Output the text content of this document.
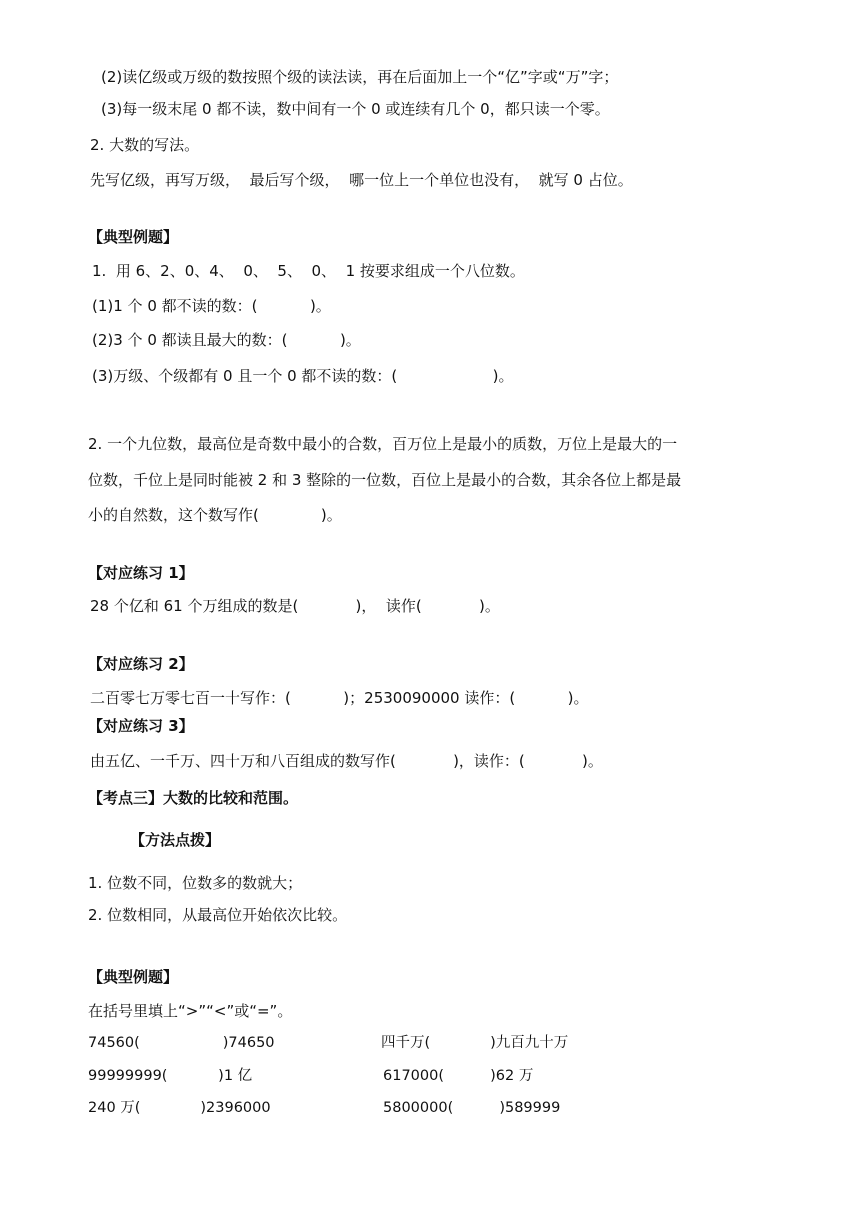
(2)读亿级或万级的数按照个级的读法读，再在后面加上一个“亿”字或“万”字；
(3)每一级末尾 0 都不读，数中间有一个 0 或连续有几个 0，都只读一个零。
2. 大数的写法。
先写亿级，再写万级，  最后写个级，  哪一位上一个单位也没有，  就写 0 占位。
【典型例题】
1.  用 6、2、0、4、  0、  5、  0、  1 按要求组成一个八位数。
(1)1 个 0 都不读的数：(           )。
(2)3 个 0 都读且最大的数：(           )。
(3)万级、个级都有 0 且一个 0 都不读的数：(                    )。
2. 一个九位数，最高位是奇数中最小的合数，百万位上是最小的质数，万位上是最大的一
位数，千位上是同时能被 2 和 3 整除的一位数，百位上是最小的合数，其余各位上都是最
小的自然数，这个数写作(             )。
【对应练习 1】
28 个亿和 61 个万组成的数是(            )，  读作(            )。
【对应练习 2】
二百零七万零七百一十写作：(           )；2530090000 读作：(           )。
【对应练习 3】
由五亿、一千万、四十万和八百组成的数写作(            )，读作：(            )。
【考点三】大数的比较和范围。
【方法点拨】
1. 位数不同，位数多的数就大；
2. 位数相同，从最高位开始依次比较。
【典型例题】
在括号里填上“>”“<”或“=”。
74560(                  )74650	四千万(             )九百九十万
99999999(           )1 亿	617000(          )62 万
240 万(             )2396000	5800000(          )589999
